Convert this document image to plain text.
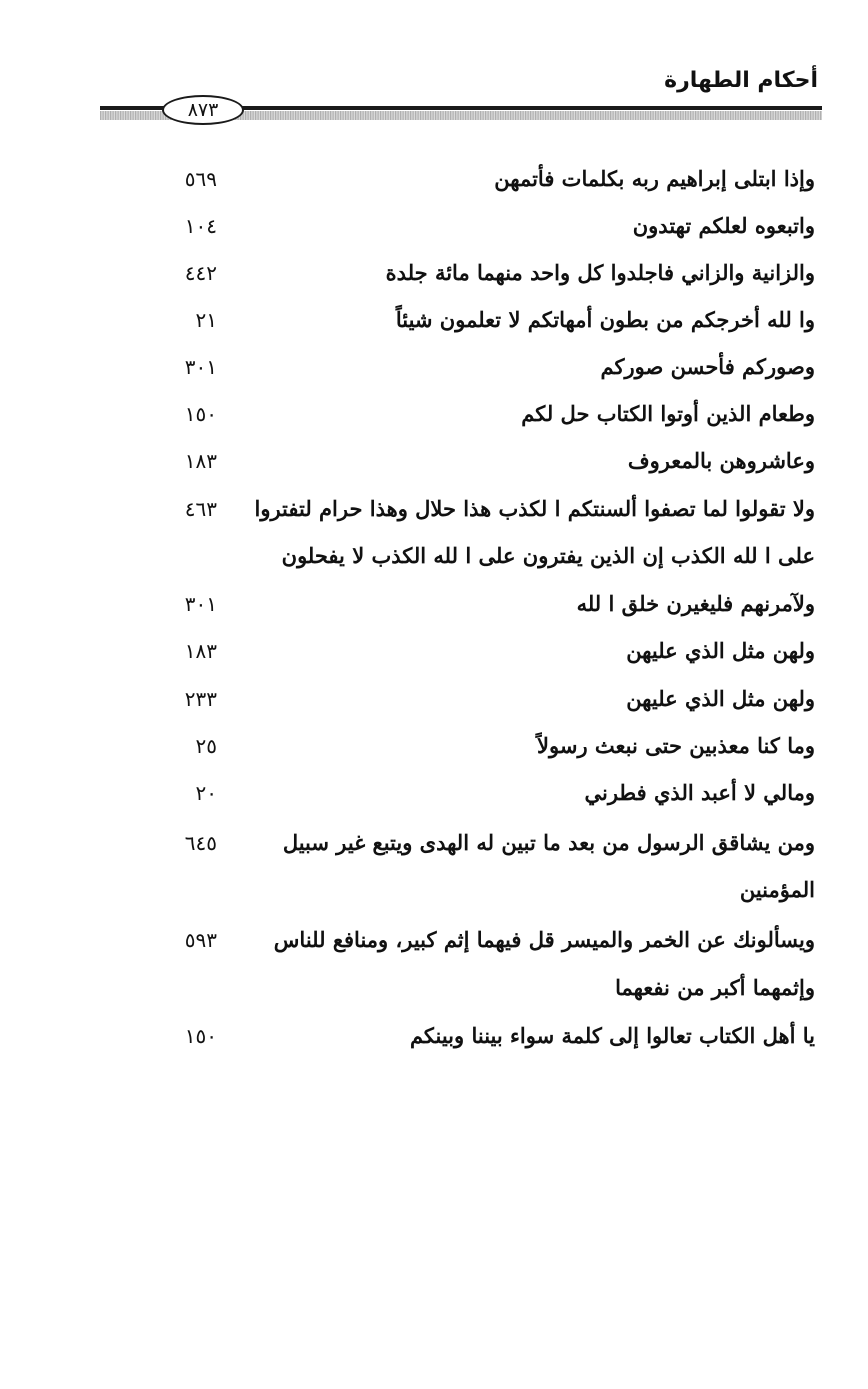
أحكام الطهارة
٨٧٣
وإذا ابتلى إبراهيم ربه بكلمات فأتمهن
٥٦٩
واتبعوه لعلكم تهتدون
١٠٤
والزانية والزاني فاجلدوا كل واحد منهما مائة جلدة
٤٤٢
وا لله أخرجكم من بطون أمهاتكم لا تعلمون شيئاً
٢١
وصوركم فأحسن صوركم
٣٠١
وطعام الذين أوتوا الكتاب حل لكم
١٥٠
وعاشروهن بالمعروف
١٨٣
ولا تقولوا لما تصفوا ألسنتكم ا لكذب هذا حلال وهذا حرام لتفتروا
على ا لله الكذب إن الذين يفترون على ا لله الكذب لا يفحلون
٤٦٣
ولآمرنهم فليغيرن خلق ا لله
٣٠١
ولهن مثل الذي عليهن
١٨٣
ولهن مثل الذي عليهن
٢٣٣
وما كنا معذبين حتى نبعث رسولاً
٢٥
ومالي لا أعبد الذي فطرني
٢٠
ومن يشاقق الرسول من بعد ما تبين له الهدى ويتبع غير سبيل
المؤمنين
٦٤٥
ويسألونك عن الخمر والميسر قل فيهما إثم كبير، ومنافع للناس
وإثمهما أكبر من نفعهما
٥٩٣
يا أهل الكتاب تعالوا إلى كلمة سواء بيننا وبينكم
١٥٠
